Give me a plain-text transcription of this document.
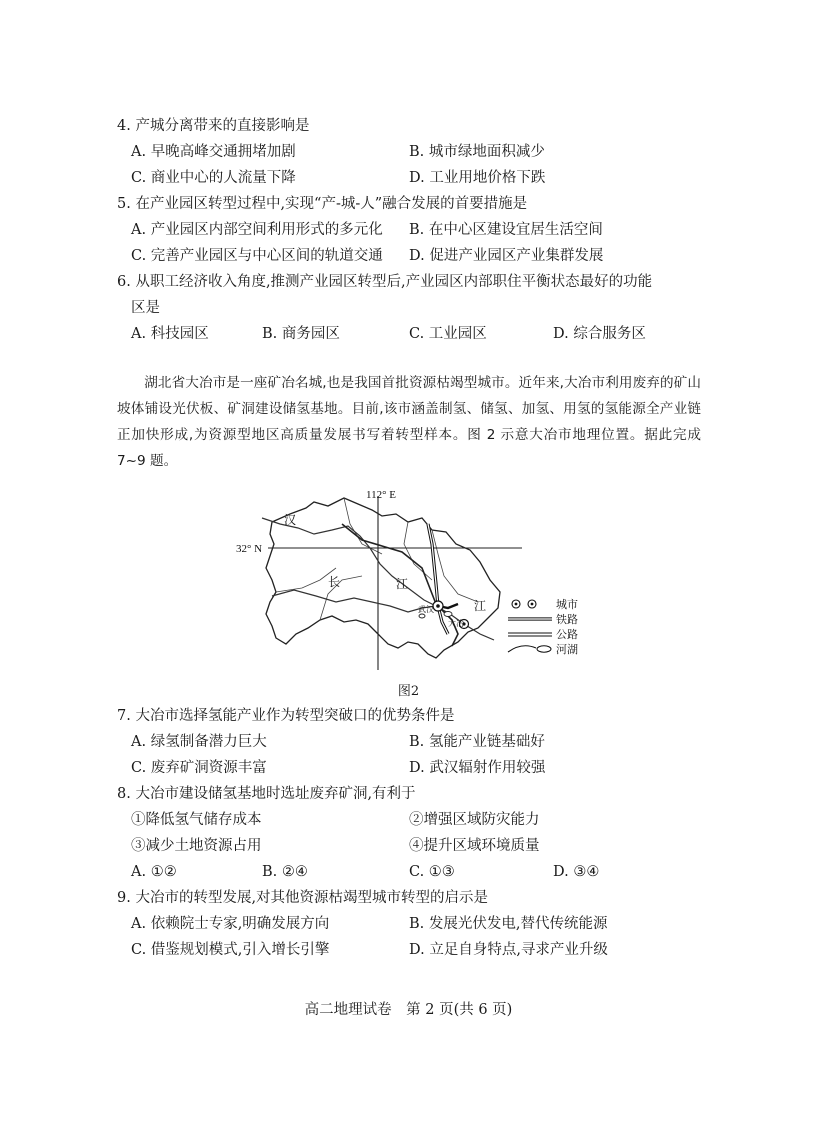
4. 产城分离带来的直接影响是
A. 早晚高峰交通拥堵加剧	B. 城市绿地面积减少
C. 商业中心的人流量下降	D. 工业用地价格下跌
5. 在产业园区转型过程中,实现“产-城-人”融合发展的首要措施是
A. 产业园区内部空间利用形式的多元化 B. 在中心区建设宜居生活空间
C. 完善产业园区与中心区间的轨道交通 D. 促进产业园区产业集群发展
6. 从职工经济收入角度,推测产业园区转型后,产业园区内部职住平衡状态最好的功能
区是
A. 科技园区	B. 商务园区	C. 工业园区	D. 综合服务区
湖北省大冶市是一座矿冶名城,也是我国首批资源枯竭型城市。近年来,大冶市利用废弃的矿山坡体铺设光伏板、矿洞建设储氢基地。目前,该市涵盖制氢、储氢、加氢、用氢的氢能源全产业链正加快形成,为资源型地区高质量发展书写着转型样本。图 2 示意大冶市地理位置。据此完成 7~9 题。
112° E
32° N
汉
长	江
江
武汉
大冶
城市
铁路
公路
河湖
图2
7. 大冶市选择氢能产业作为转型突破口的优势条件是
A. 绿氢制备潜力巨大	B. 氢能产业链基础好
C. 废弃矿洞资源丰富	D. 武汉辐射作用较强
8. 大冶市建设储氢基地时选址废弃矿洞,有利于
①降低氢气储存成本	②增强区域防灾能力
③减少土地资源占用	④提升区域环境质量
A. ①②	B. ②④	C. ①③	D. ③④
9. 大冶市的转型发展,对其他资源枯竭型城市转型的启示是
A. 依赖院士专家,明确发展方向	B. 发展光伏发电,替代传统能源
C. 借鉴规划模式,引入增长引擎	D. 立足自身特点,寻求产业升级
高二地理试卷　第 2 页(共 6 页)
